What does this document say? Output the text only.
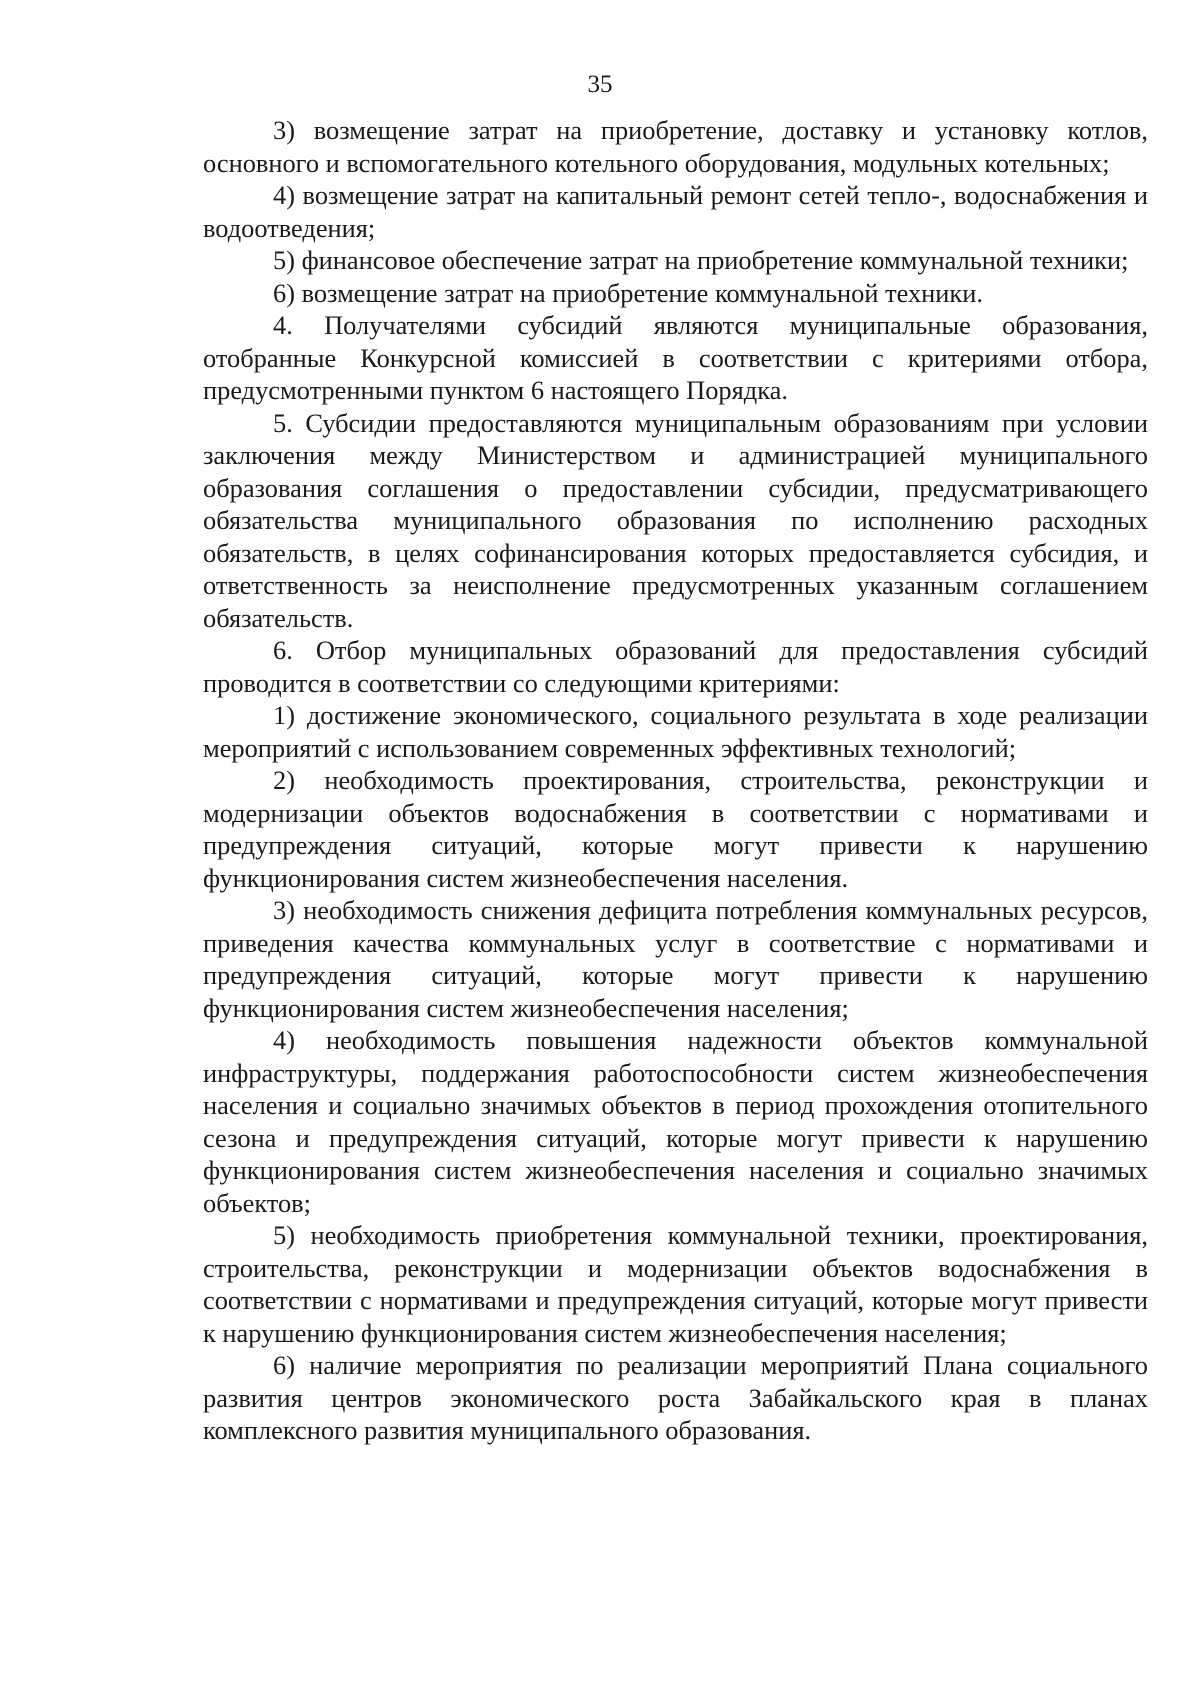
35

3) возмещение затрат на приобретение, доставку и установку котлов, основного и вспомогательного котельного оборудования, модульных котельных;

4) возмещение затрат на капитальный ремонт сетей тепло-, водоснабжения и водоотведения;

5) финансовое обеспечение затрат на приобретение коммунальной техники;

6) возмещение затрат на приобретение коммунальной техники.

4. Получателями субсидий являются муниципальные образования, отобранные Конкурсной комиссией в соответствии с критериями отбора, предусмотренными пунктом 6 настоящего Порядка.

5. Субсидии предоставляются муниципальным образованиям при условии заключения между Министерством и администрацией муниципального образования соглашения о предоставлении субсидии, предусматривающего обязательства муниципального образования по исполнению расходных обязательств, в целях софинансирования которых предоставляется субсидия, и ответственность за неисполнение предусмотренных указанным соглашением обязательств.

6. Отбор муниципальных образований для предоставления субсидий проводится в соответствии со следующими критериями:

1) достижение экономического, социального результата в ходе реализации мероприятий с использованием современных эффективных технологий;

2) необходимость проектирования, строительства, реконструкции и модернизации объектов водоснабжения в соответствии с нормативами и предупреждения ситуаций, которые могут привести к нарушению функционирования систем жизнеобеспечения населения.

3) необходимость снижения дефицита потребления коммунальных ресурсов, приведения качества коммунальных услуг в соответствие с нормативами и предупреждения ситуаций, которые могут привести к нарушению функционирования систем жизнеобеспечения населения;

4) необходимость повышения надежности объектов коммунальной инфраструктуры, поддержания работоспособности систем жизнеобеспечения населения и социально значимых объектов в период прохождения отопительного сезона и предупреждения ситуаций, которые могут привести к нарушению функционирования систем жизнеобеспечения населения и социально значимых объектов;

5) необходимость приобретения коммунальной техники, проектирования, строительства, реконструкции и модернизации объектов водоснабжения в соответствии с нормативами и предупреждения ситуаций, которые могут привести к нарушению функционирования систем жизнеобеспечения населения;

6) наличие мероприятия по реализации мероприятий Плана социального развития центров экономического роста Забайкальского края в планах комплексного развития муниципального образования.
